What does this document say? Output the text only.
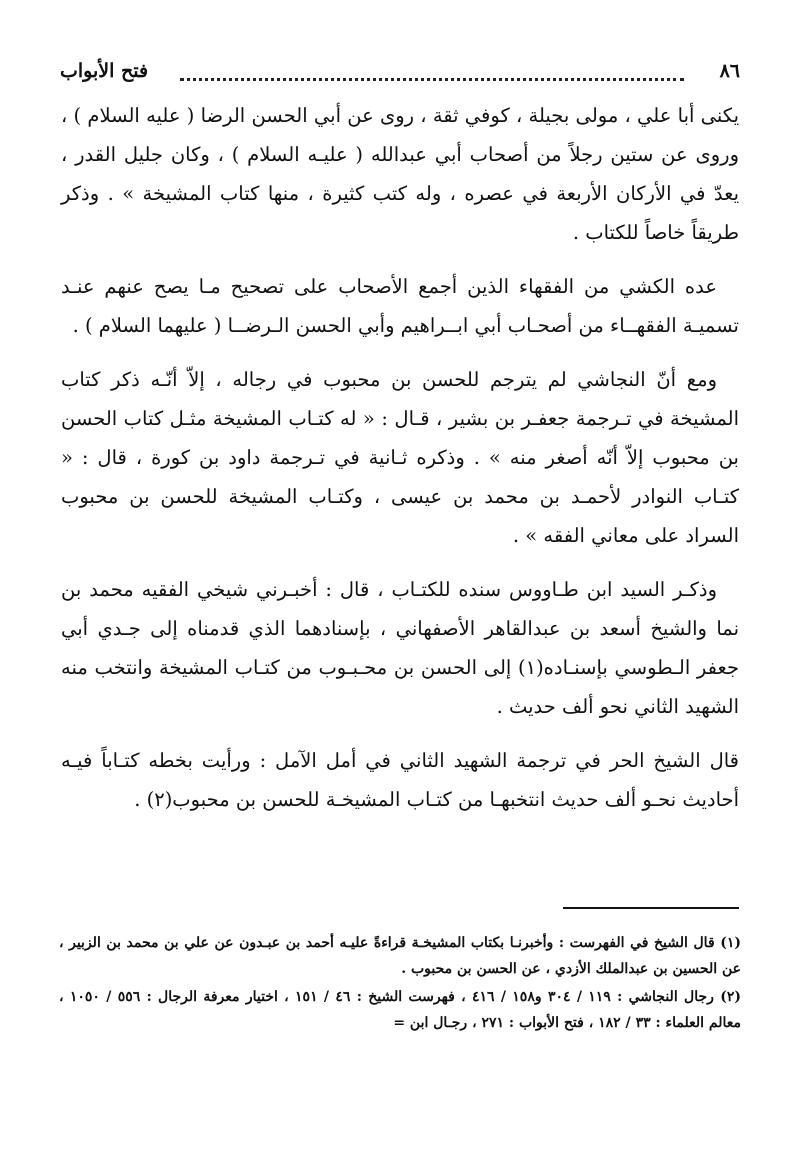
٨٦
فتح الأبواب

يكنى أبا علي ، مولى بجيلة ، كوفي ثقة ، روى عن أبي الحسن الرضا ( عليه السلام ) ، وروى عن ستين رجلاً من أصحاب أبي عبدالله ( عليـه السلام ) ، وكان جليل القدر ، يعدّ في الأركان الأربعة في عصره ، وله كتب كثيرة ، منها كتاب المشيخة » . وذكر طريقاً خاصاً للكتاب .

عده الكشي من الفقهاء الذين أجمع الأصحاب على تصحيح مـا يصح عنهم عنـد تسميـة الفقهــاء من أصحـاب أبي ابــراهيم وأبي الحسن الـرضــا ( عليهما السلام ) .

ومع أنّ النجاشي لم يترجم للحسن بن محبوب في رجاله ، إلاّ أنّـه ذكر كتاب المشيخة في تـرجمة جعفـر بن بشير ، قـال : « له كتـاب المشيخة مثـل كتاب الحسن بن محبوب إلاّ أنّه أصغر منه » . وذكره ثـانية في تـرجمة داود بن كورة ، قال : « كتـاب النوادر لأحمـد بن محمد بن عيسى ، وكتـاب المشيخة للحسن بن محبوب السراد على معاني الفقه » .

وذكـر السيد ابن طـاووس سنده للكتـاب ، قال : أخبـرني شيخي الفقيه محمد بن نما والشيخ أسعد بن عبدالقاهر الأصفهاني ، بإسنادهما الذي قدمناه إلى جـدي أبي جعفر الـطوسي بإسنـاده(١) إلى الحسن بن محـبـوب من كتـاب المشيخة وانتخب منه الشهيد الثاني نحو ألف حديث .

قال الشيخ الحر في ترجمة الشهيد الثاني في أمل الآمل : ورأيت بخطه كتـاباً فيـه أحاديث نحـو ألف حديث انتخبهـا من كتـاب المشيخـة للحسن بن محبوب(٢) .

(١) قال الشيخ في الفهرست : وأخبرنـا بكتاب المشيخـة قراءةً عليـه أحمد بن عبـدون عن علي بن محمد بن الزبير ، عن الحسين بن عبدالملك الأزدي ، عن الحسن بن محبوب .

(٢) رجال النجاشي : ١١٩ / ٣٠٤ و١٥٨ / ٤١٦ ، فهرست الشيخ : ٤٦ / ١٥١ ، اختيار معرفة الرجال : ٥٥٦ / ١٠٥٠ ، معالم العلماء : ٣٣ / ١٨٢ ، فتح الأبواب : ٢٧١ ، رجـال ابن =
